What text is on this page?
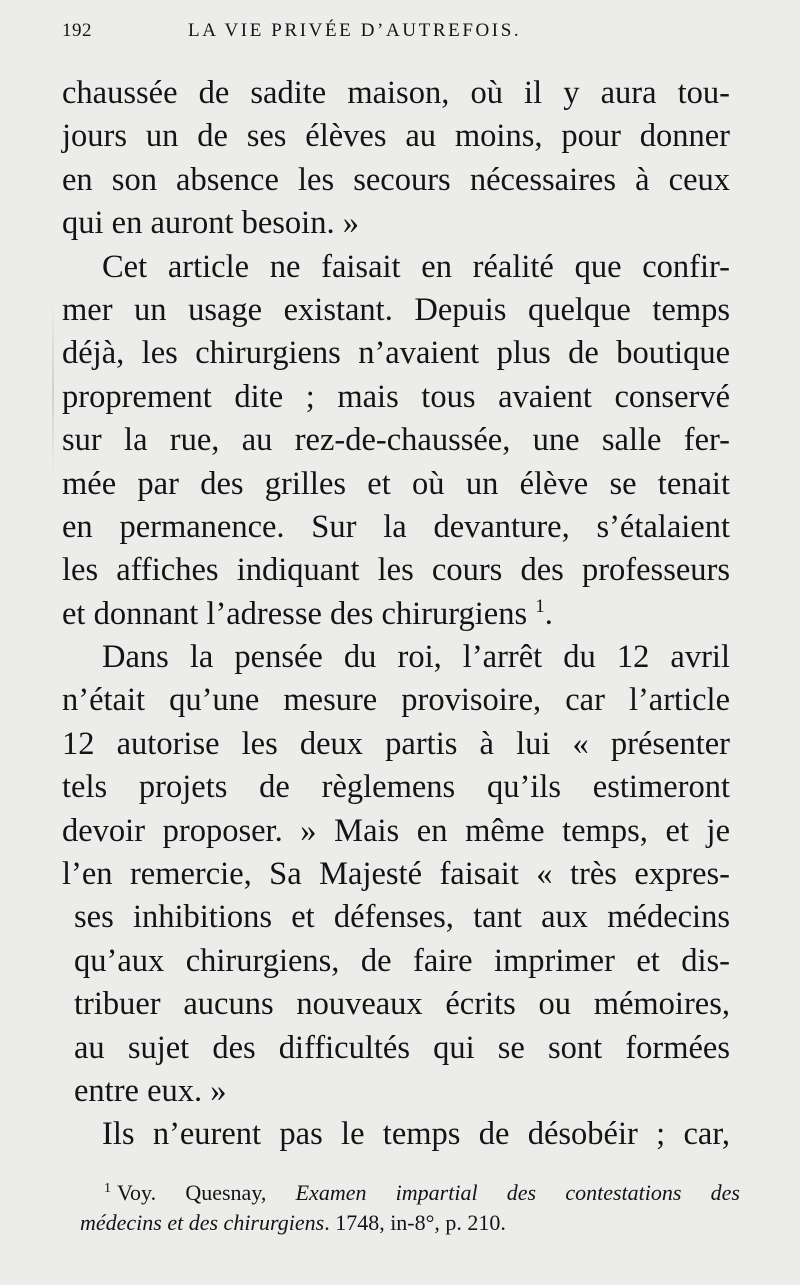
192	LA VIE PRIVÉE D’AUTREFOIS.
chaussée de sadite maison, où il y aura tou-
jours un de ses élèves au moins, pour donner
en son absence les secours nécessaires à ceux
qui en auront besoin. »
Cet article ne faisait en réalité que confir-
mer un usage existant. Depuis quelque temps
déjà, les chirurgiens n’avaient plus de boutique
proprement dite ; mais tous avaient conservé
sur la rue, au rez-de-chaussée, une salle fer-
mée par des grilles et où un élève se tenait
en permanence. Sur la devanture, s’étalaient
les affiches indiquant les cours des professeurs
et donnant l’adresse des chirurgiens $^1$.
Dans la pensée du roi, l’arrêt du 12 avril
n’était qu’une mesure provisoire, car l’article
12 autorise les deux partis à lui « présenter
tels projets de règlemens qu’ils estimeront
devoir proposer. » Mais en même temps, et je
l’en remercie, Sa Majesté faisait « très expres-
ses inhibitions et défenses, tant aux médecins
qu’aux chirurgiens, de faire imprimer et dis-
tribuer aucuns nouveaux écrits ou mémoires,
au sujet des difficultés qui se sont formées
entre eux. »
Ils n’eurent pas le temps de désobéir ; car,
$^1$ Voy. Quesnay, Examen impartial des contestations des
médecins et des chirurgiens. 1748, in-8°, p. 210.
